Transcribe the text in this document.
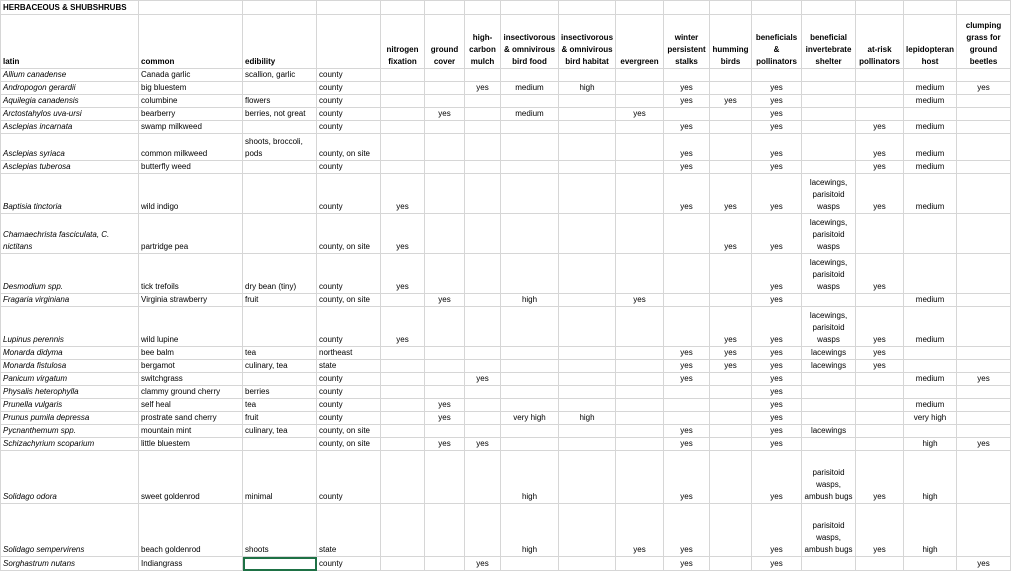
HERBACEOUS & SHUBSHRUBS																
latin	common	edibility		nitrogen fixation	ground cover	high-carbon mulch	insectivorous & omnivirous bird food	insectivorous & omnivirous bird habitat	evergreen	winter persistent stalks	humming birds	beneficials & pollinators	beneficial invertebrate shelter	at-risk pollinators	lepidopteran host	clumping grass for ground beetles
Allium canadense	Canada garlic	scallion, garlic	county													
Andropogon gerardii	big bluestem		county			yes	medium	high		yes		yes			medium	yes
Aquilegia canadensis	columbine	flowers	county							yes	yes	yes			medium	
Arctostahylos uva-ursi	bearberry	berries, not great	county		yes		medium		yes			yes				
Asclepias incarnata	swamp milkweed		county							yes		yes		yes	medium	
Asclepias syriaca	common milkweed	shoots, broccoli, pods	county, on site							yes		yes		yes	medium	
Asclepias tuberosa	butterfly weed		county							yes		yes		yes	medium	
Baptisia tinctoria	wild indigo		county	yes						yes	yes	yes	lacewings, parisitoid wasps	yes	medium	
Chamaechrista fasciculata, C. nictitans	partridge pea		county, on site	yes							yes	yes	lacewings, parisitoid wasps			
Desmodium spp.	tick trefoils	dry bean (tiny)	county	yes								yes	lacewings, parisitoid wasps	yes		
Fragaria virginiana	Virginia strawberry	fruit	county, on site		yes		high		yes			yes			medium	
Lupinus perennis	wild lupine		county	yes							yes	yes	lacewings, parisitoid wasps	yes	medium	
Monarda didyma	bee balm	tea	northeast							yes	yes	yes	lacewings	yes		
Monarda fistulosa	bergamot	culinary, tea	state							yes	yes	yes	lacewings	yes		
Panicum virgatum	switchgrass		county			yes				yes		yes			medium	yes
Physalis heterophylla	clammy ground cherry	berries	county									yes				
Prunella vulgaris	self heal	tea	county		yes							yes			medium	
Prunus pumila depressa	prostrate sand cherry	fruit	county		yes		very high	high				yes			very high	
Pycnanthemum spp.	mountain mint	culinary, tea	county, on site							yes		yes	lacewings			
Schizachyrium scoparium	little bluestem		county, on site		yes	yes				yes		yes			high	yes
Solidago odora	sweet goldenrod	minimal	county				high			yes		yes	parisitoid wasps, ambush bugs	yes	high	
Solidago sempervirens	beach goldenrod	shoots	state				high		yes	yes		yes	parisitoid wasps, ambush bugs	yes	high	
Sorghastrum nutans	Indiangrass		county			yes				yes		yes				yes
